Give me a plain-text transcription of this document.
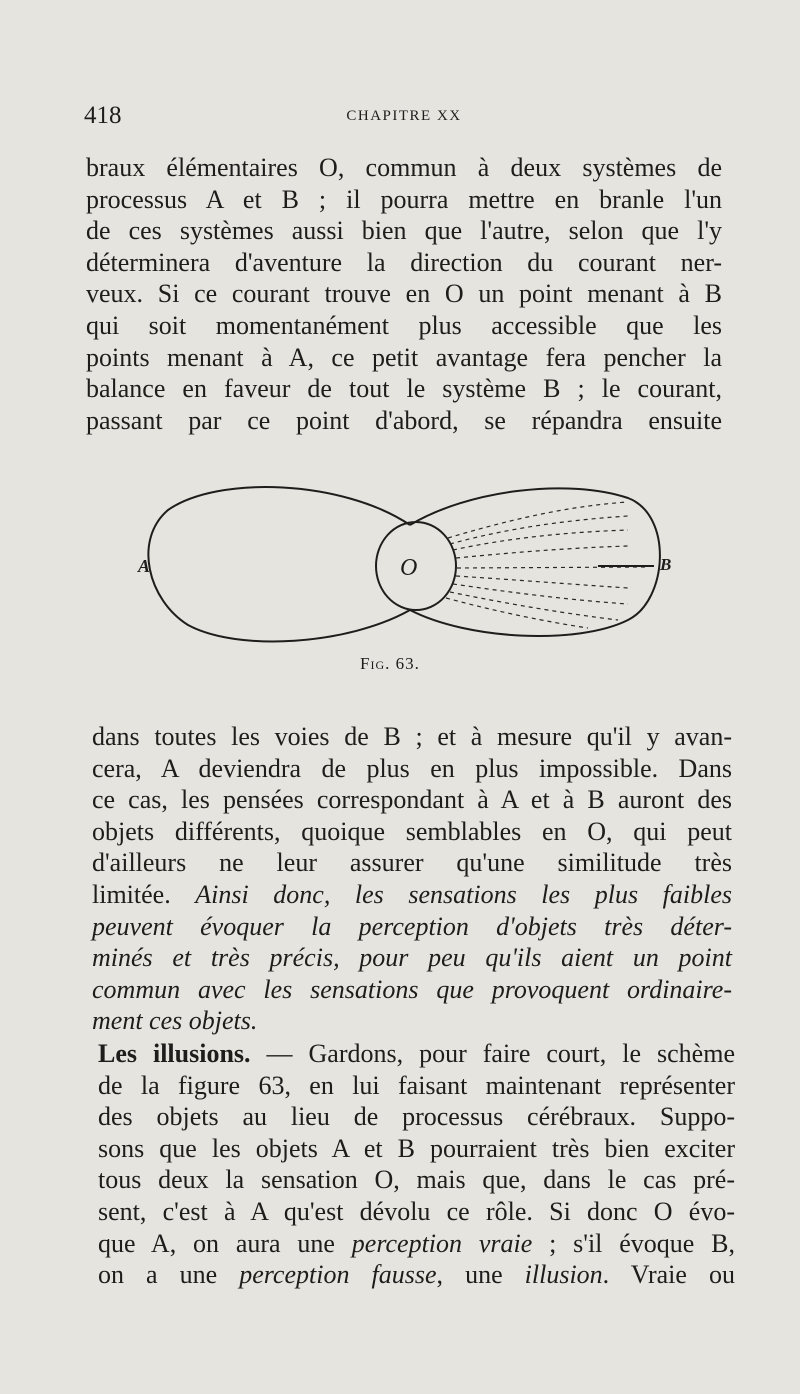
418	CHAPITRE XX
braux élémentaires O, commun à deux systèmes de
processus A et B ; il pourra mettre en branle l'un
de ces systèmes aussi bien que l'autre, selon que l'y
déterminera d'aventure la direction du courant ner-
veux. Si ce courant trouve en O un point menant à B
qui soit momentanément plus accessible que les
points menant à A, ce petit avantage fera pencher la
balance en faveur de tout le système B ; le courant,
passant par ce point d'abord, se répandra ensuite
A	O	B
Fig. 63.
dans toutes les voies de B ; et à mesure qu'il y avan-
cera, A deviendra de plus en plus impossible. Dans
ce cas, les pensées correspondant à A et à B auront des
objets différents, quoique semblables en O, qui peut
d'ailleurs ne leur assurer qu'une similitude très
limitée. Ainsi donc, les sensations les plus faibles
peuvent évoquer la perception d'objets très déter-
minés et très précis, pour peu qu'ils aient un point
commun avec les sensations que provoquent ordinaire-
ment ces objets.
Les illusions. — Gardons, pour faire court, le schème
de la figure 63, en lui faisant maintenant représenter
des objets au lieu de processus cérébraux. Suppo-
sons que les objets A et B pourraient très bien exciter
tous deux la sensation O, mais que, dans le cas pré-
sent, c'est à A qu'est dévolu ce rôle. Si donc O évo-
que A, on aura une perception vraie ; s'il évoque B,
on a une perception fausse, une illusion. Vraie ou
